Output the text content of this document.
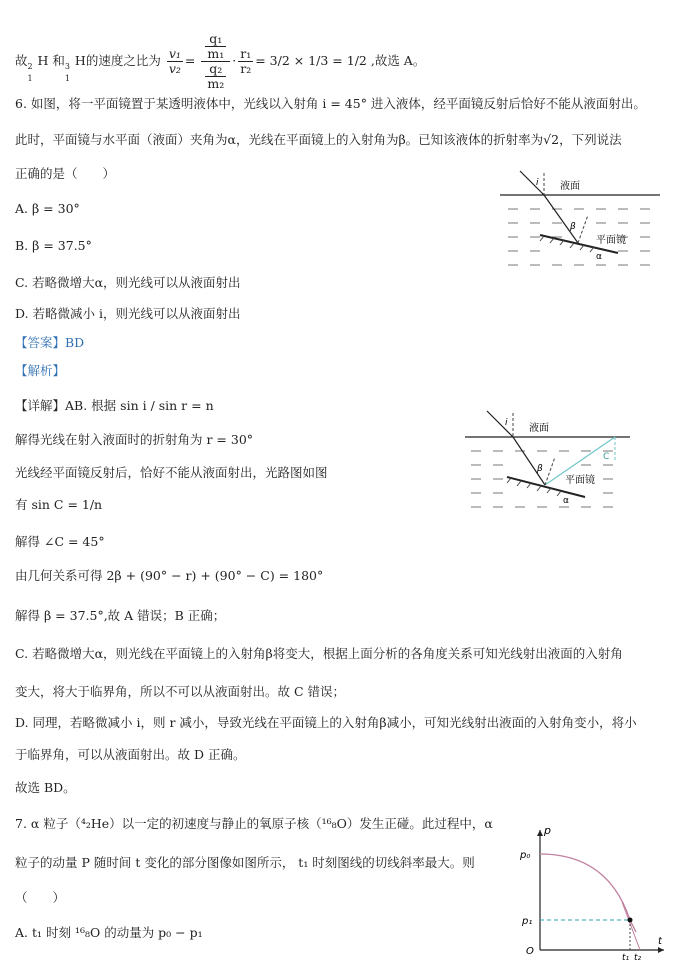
故 2
1
H 和 3
1
H的速度之比为 $\frac{\text{v₁}}{\text{v₂}} = \frac{\frac{\text{q₁}}{\text{m₁}}}{\frac{\text{q₂}}{\text{m₂}}} \cdot \frac{\text{r₁}}{\text{r₂}} = 3/2 \times 1/3 = 1/2$ ,故选 A。
6. 如图，将一平面镜置于某透明液体中，光线以入射角 i = 45° 进入液体，经平面镜反射后恰好不能从液面射出。
此时，平面镜与水平面（液面）夹角为α，光线在平面镜上的入射角为β。已知该液体的折射率为√2，下列说法
正确的是（　　）
A. β = 30°
B. β = 37.5°
C. 若略微增大α，则光线可以从液面射出
D. 若略微减小 i，则光线可以从液面射出
【答案】BD
【解析】
【详解】AB. 根据 sin i / sin r = n
解得光线在射入液面时的折射角为 r = 30°
光线经平面镜反射后，恰好不能从液面射出，光路图如图
有 sin C = 1/n
解得 ∠C = 45°
由几何关系可得 2β + (90° − r) + (90° − C) = 180°
解得 β = 37.5°,故 A 错误；B 正确；
C. 若略微增大α，则光线在平面镜上的入射角β将变大，根据上面分析的各角度关系可知光线射出液面的入射角
变大，将大于临界角，所以不可以从液面射出。故 C 错误；
D. 同理，若略微减小 i，则 r 减小，导致光线在平面镜上的入射角β减小，可知光线射出液面的入射角变小，将小
于临界角，可以从液面射出。故 D 正确。
故选 BD。
7. α 粒子（⁴₂He）以一定的初速度与静止的氧原子核（¹⁶₈O）发生正碰。此过程中，α
粒子的动量 P 随时间 t 变化的部分图像如图所示， t₁ 时刻图线的切线斜率最大。则
（　　）
A. t₁ 时刻 ¹⁶₈O 的动量为 p₀ − p₁
i 液面
β
平面镜
α
i 液面
β
C
平面镜
α
p
p₀
p₁
O
t
t₁ t₂
